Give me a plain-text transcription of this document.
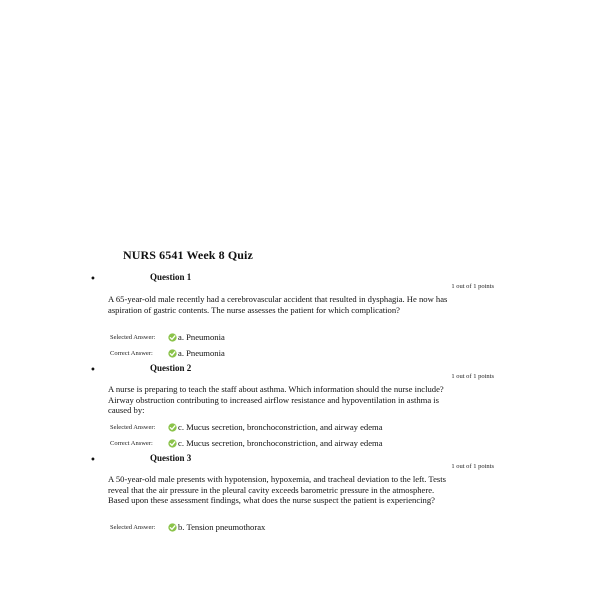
NURS 6541 Week 8 Quiz
•	Question 1
1 out of 1 points

A 65-year-old male recently had a cerebrovascular accident that resulted in dysphagia. He now has aspiration of gastric contents. The nurse assesses the patient for which complication?

Selected Answer:	a. Pneumonia
Correct Answer:	a. Pneumonia
•	Question 2
1 out of 1 points

A nurse is preparing to teach the staff about asthma. Which information should the nurse include? Airway obstruction contributing to increased airflow resistance and hypoventilation in asthma is caused by:

Selected Answer:	c. Mucus secretion, bronchoconstriction, and airway edema
Correct Answer:	c. Mucus secretion, bronchoconstriction, and airway edema
•	Question 3
1 out of 1 points

A 50-year-old male presents with hypotension, hypoxemia, and tracheal deviation to the left. Tests reveal that the air pressure in the pleural cavity exceeds barometric pressure in the atmosphere. Based upon these assessment findings, what does the nurse suspect the patient is experiencing?

Selected Answer:	b. Tension pneumothorax
